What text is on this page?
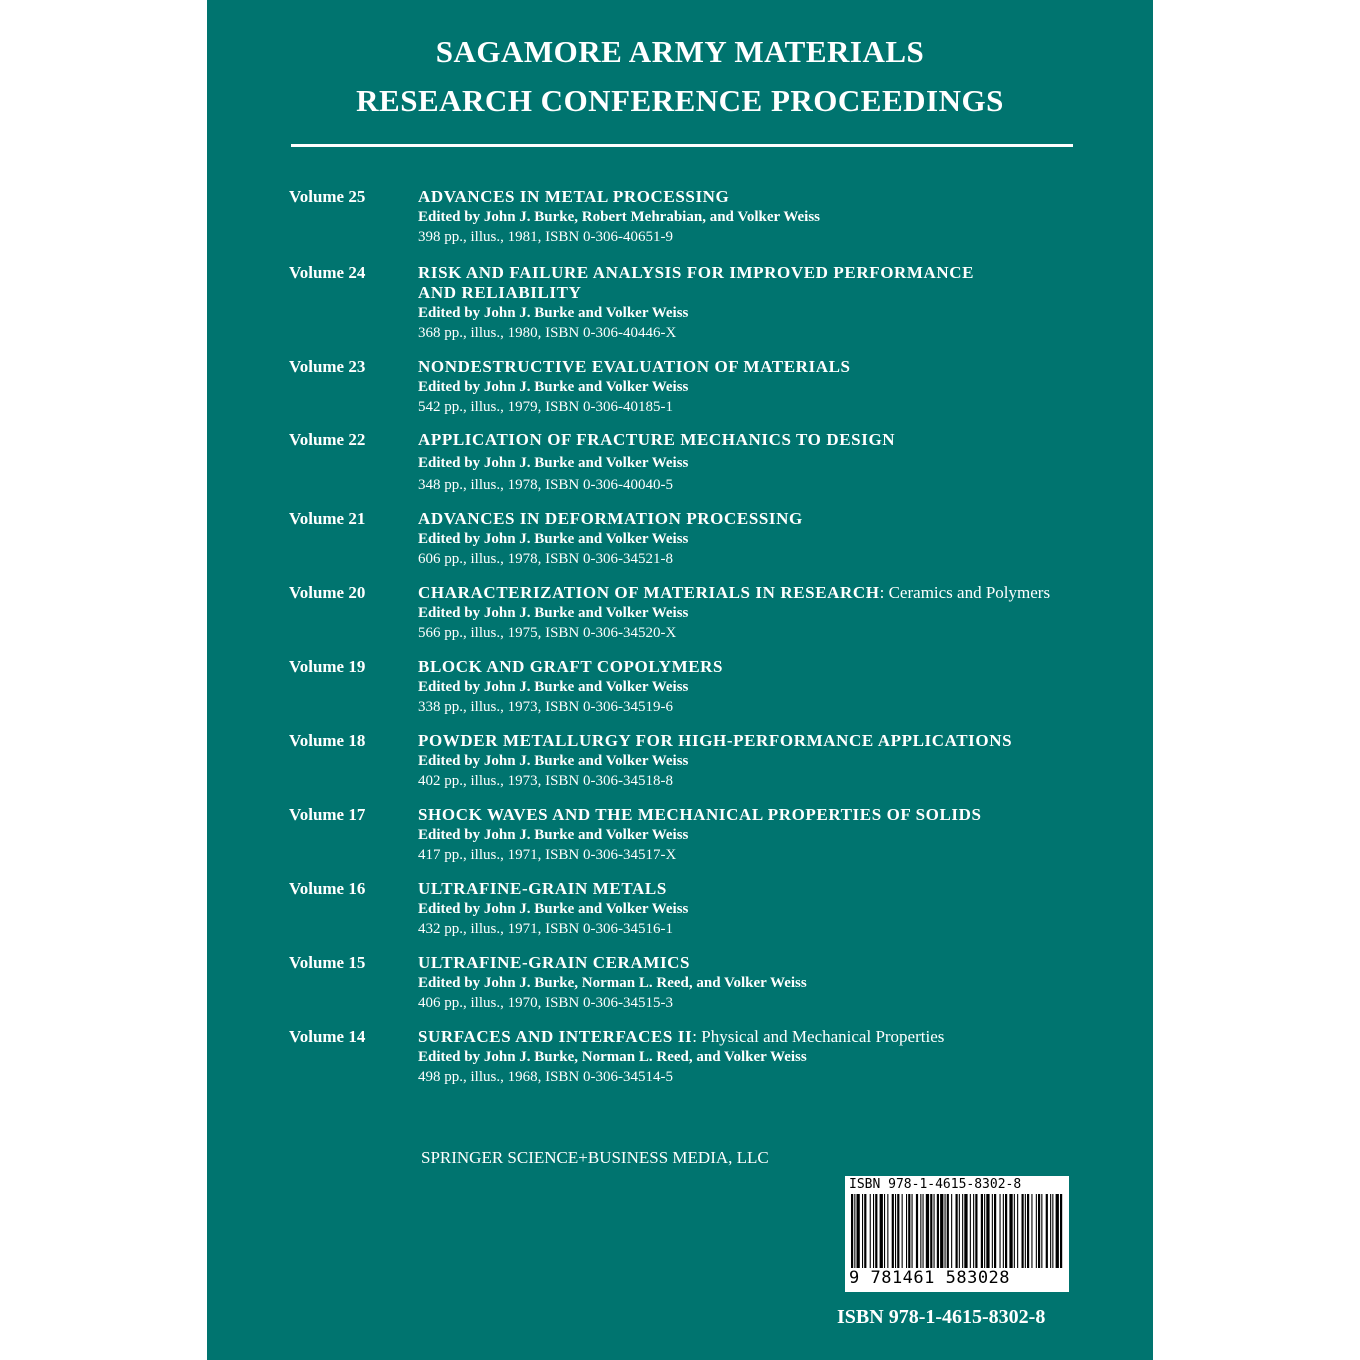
SAGAMORE ARMY MATERIALS
RESEARCH CONFERENCE PROCEEDINGS
Volume 25	ADVANCES IN METAL PROCESSING
Edited by John J. Burke, Robert Mehrabian, and Volker Weiss
398 pp., illus., 1981, ISBN 0-306-40651-9
Volume 24	RISK AND FAILURE ANALYSIS FOR IMPROVED PERFORMANCE
AND RELIABILITY
Edited by John J. Burke and Volker Weiss
368 pp., illus., 1980, ISBN 0-306-40446-X
Volume 23	NONDESTRUCTIVE EVALUATION OF MATERIALS
Edited by John J. Burke and Volker Weiss
542 pp., illus., 1979, ISBN 0-306-40185-1
Volume 22	APPLICATION OF FRACTURE MECHANICS TO DESIGN
Edited by John J. Burke and Volker Weiss
348 pp., illus., 1978, ISBN 0-306-40040-5
Volume 21	ADVANCES IN DEFORMATION PROCESSING
Edited by John J. Burke and Volker Weiss
606 pp., illus., 1978, ISBN 0-306-34521-8
Volume 20	CHARACTERIZATION OF MATERIALS IN RESEARCH: Ceramics and Polymers
Edited by John J. Burke and Volker Weiss
566 pp., illus., 1975, ISBN 0-306-34520-X
Volume 19	BLOCK AND GRAFT COPOLYMERS
Edited by John J. Burke and Volker Weiss
338 pp., illus., 1973, ISBN 0-306-34519-6
Volume 18	POWDER METALLURGY FOR HIGH-PERFORMANCE APPLICATIONS
Edited by John J. Burke and Volker Weiss
402 pp., illus., 1973, ISBN 0-306-34518-8
Volume 17	SHOCK WAVES AND THE MECHANICAL PROPERTIES OF SOLIDS
Edited by John J. Burke and Volker Weiss
417 pp., illus., 1971, ISBN 0-306-34517-X
Volume 16	ULTRAFINE-GRAIN METALS
Edited by John J. Burke and Volker Weiss
432 pp., illus., 1971, ISBN 0-306-34516-1
Volume 15	ULTRAFINE-GRAIN CERAMICS
Edited by John J. Burke, Norman L. Reed, and Volker Weiss
406 pp., illus., 1970, ISBN 0-306-34515-3
Volume 14	SURFACES AND INTERFACES II: Physical and Mechanical Properties
Edited by John J. Burke, Norman L. Reed, and Volker Weiss
498 pp., illus., 1968, ISBN 0-306-34514-5
SPRINGER SCIENCE+BUSINESS MEDIA, LLC
ISBN 978-1-4615-8302-8
9 781461 583028
ISBN 978-1-4615-8302-8
